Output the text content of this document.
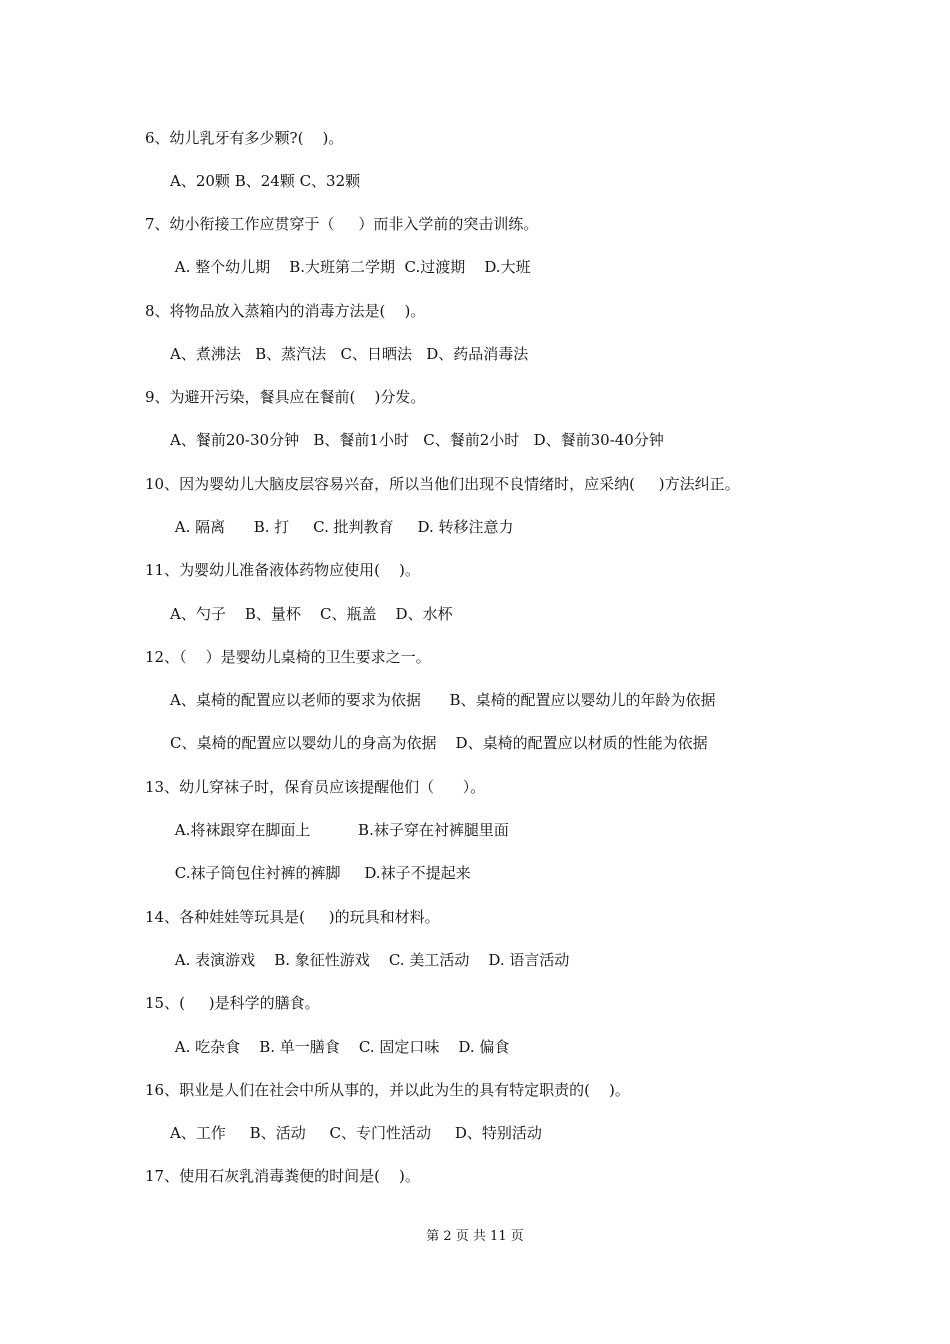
6、幼儿乳牙有多少颗?(    )。
A、20颗 B、24颗 C、32颗
7、幼小衔接工作应贯穿于（     ）而非入学前的突击训练。
A. 整个幼儿期    B.大班第二学期  C.过渡期    D.大班
8、将物品放入蒸箱内的消毒方法是(    )。
A、煮沸法   B、蒸汽法   C、日晒法   D、药品消毒法
9、为避开污染，餐具应在餐前(    )分发。
A、餐前20-30分钟   B、餐前1小时   C、餐前2小时   D、餐前30-40分钟
10、因为婴幼儿大脑皮层容易兴奋，所以当他们出现不良情绪时，应采纳(     )方法纠正。
A. 隔离      B. 打     C. 批判教育     D. 转移注意力
11、为婴幼儿准备液体药物应使用(    )。
A、勺子    B、量杯    C、瓶盖    D、水杯
12、（    ）是婴幼儿桌椅的卫生要求之一。
A、桌椅的配置应以老师的要求为依据      B、桌椅的配置应以婴幼儿的年龄为依据
C、桌椅的配置应以婴幼儿的身高为依据    D、桌椅的配置应以材质的性能为依据
13、幼儿穿袜子时，保育员应该提醒他们（      ）。
A.将袜跟穿在脚面上          B.袜子穿在衬裤腿里面
C.袜子筒包住衬裤的裤脚     D.袜子不提起来
14、各种娃娃等玩具是(     )的玩具和材料。
A. 表演游戏    B. 象征性游戏    C. 美工活动    D. 语言活动
15、(     )是科学的膳食。
A. 吃杂食    B. 单一膳食    C. 固定口味    D. 偏食
16、职业是人们在社会中所从事的，并以此为生的具有特定职责的(    )。
A、工作     B、活动     C、专门性活动     D、特别活动
17、使用石灰乳消毒粪便的时间是(    )。
第 2 页 共 11 页
